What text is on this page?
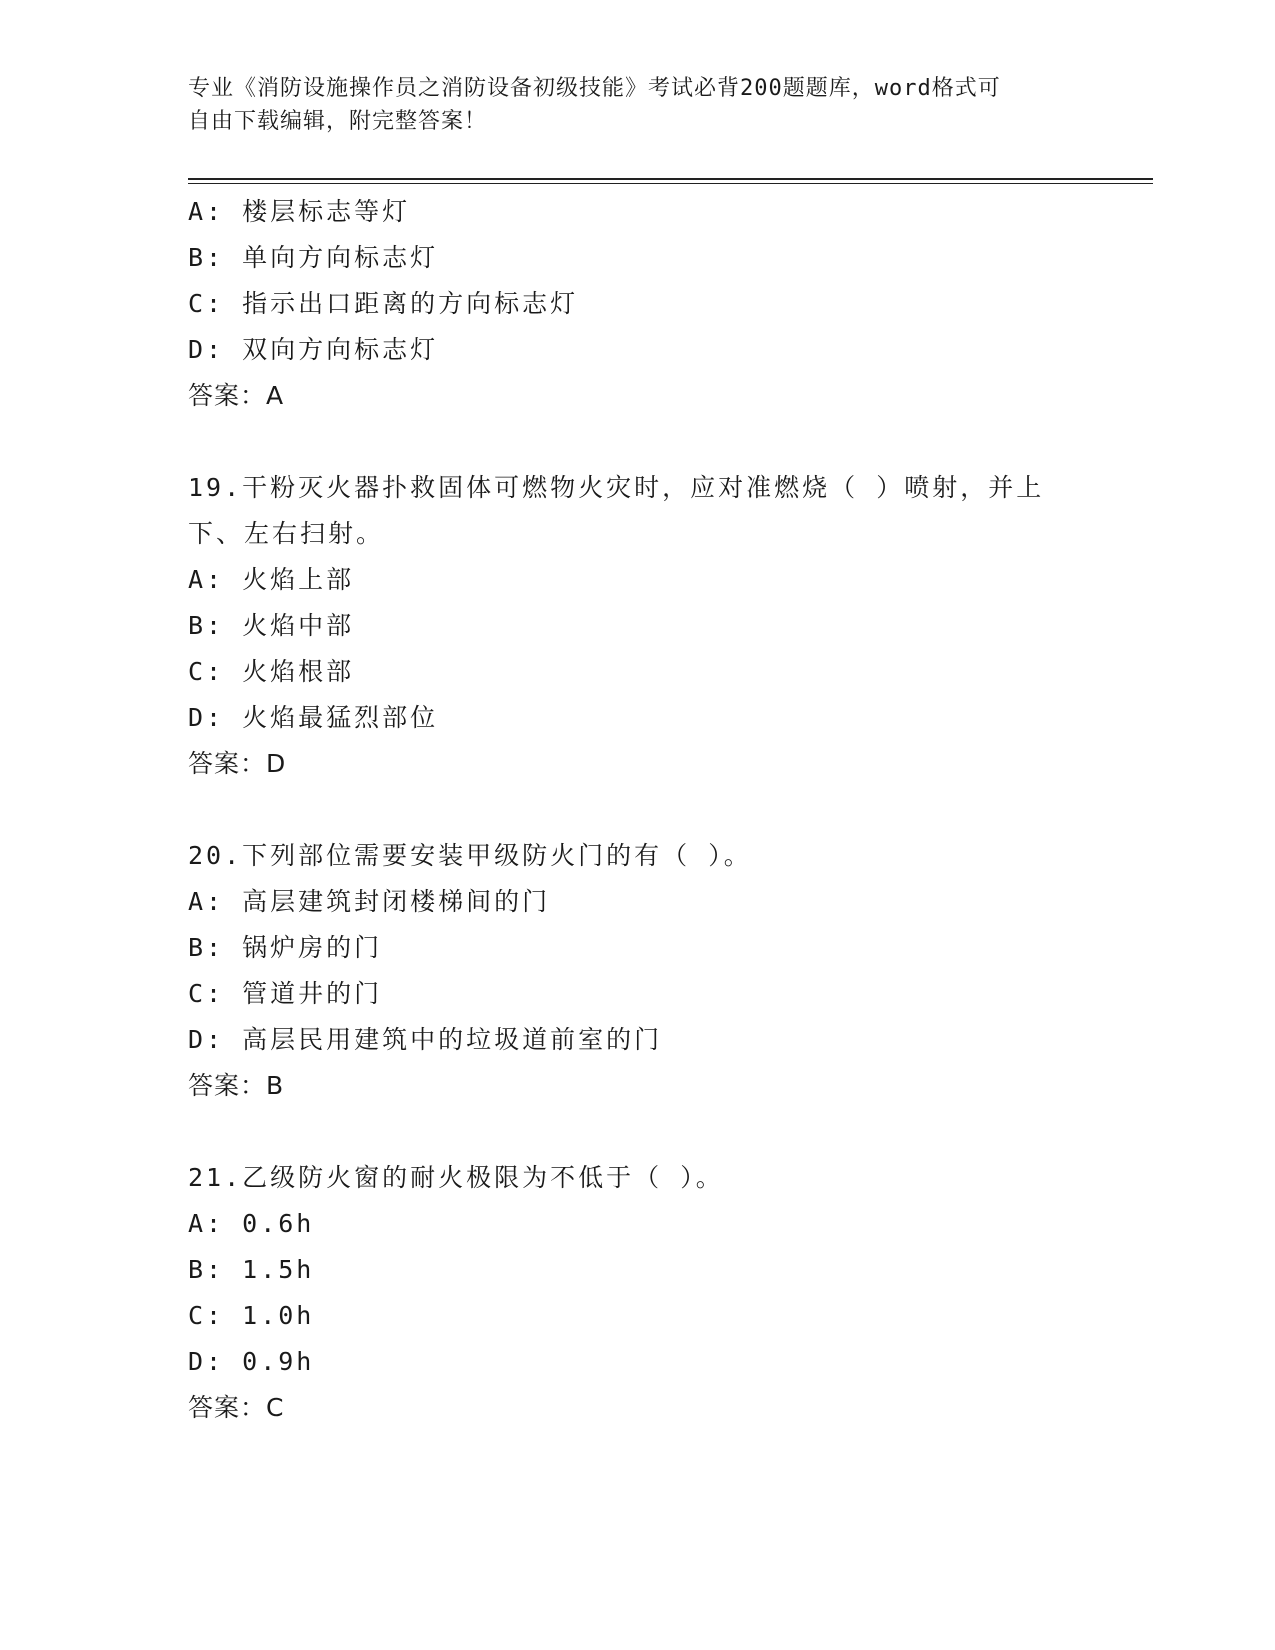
专业《消防设施操作员之消防设备初级技能》考试必背200题题库，word格式可
自由下载编辑，附完整答案！
A: 楼层标志等灯
B: 单向方向标志灯
C: 指示出口距离的方向标志灯
D: 双向方向标志灯
答案：A
19.干粉灭火器扑救固体可燃物火灾时，应对准燃烧（ ）喷射，并上
下、左右扫射。
A: 火焰上部
B: 火焰中部
C: 火焰根部
D: 火焰最猛烈部位
答案：D
20.下列部位需要安装甲级防火门的有（ ）。
A: 高层建筑封闭楼梯间的门
B: 锅炉房的门
C: 管道井的门
D: 高层民用建筑中的垃圾道前室的门
答案：B
21.乙级防火窗的耐火极限为不低于（ ）。
A: 0.6h
B: 1.5h
C: 1.0h
D: 0.9h
答案：C
